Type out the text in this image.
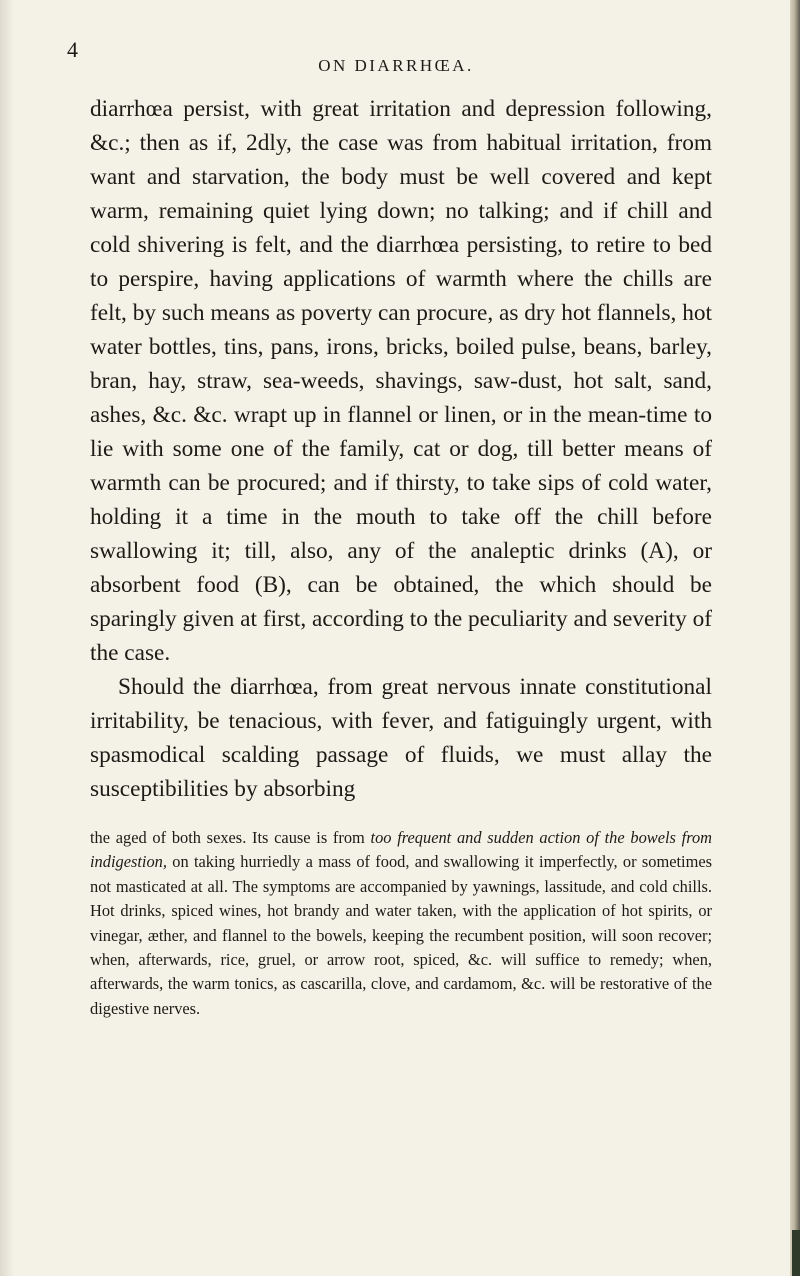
4
ON DIARRHŒA.

diarrhœa persist, with great irritation and depression following, &c.; then as if, 2dly, the case was from habitual irritation, from want and starvation, the body must be well covered and kept warm, remaining quiet lying down; no talking; and if chill and cold shivering is felt, and the diarrhœa persisting, to retire to bed to perspire, having applications of warmth where the chills are felt, by such means as poverty can procure, as dry hot flannels, hot water bottles, tins, pans, irons, bricks, boiled pulse, beans, barley, bran, hay, straw, sea-weeds, shavings, saw-dust, hot salt, sand, ashes, &c. &c. wrapt up in flannel or linen, or in the mean-time to lie with some one of the family, cat or dog, till better means of warmth can be procured; and if thirsty, to take sips of cold water, holding it a time in the mouth to take off the chill before swallowing it; till, also, any of the analeptic drinks (A), or absorbent food (B), can be obtained, the which should be sparingly given at first, according to the peculiarity and severity of the case.

Should the diarrhœa, from great nervous innate constitutional irritability, be tenacious, with fever, and fatiguingly urgent, with spasmodical scalding passage of fluids, we must allay the susceptibilities by absorbing

the aged of both sexes. Its cause is from too frequent and sudden action of the bowels from indigestion, on taking hurriedly a mass of food, and swallowing it imperfectly, or sometimes not masticated at all. The symptoms are accompanied by yawnings, lassitude, and cold chills. Hot drinks, spiced wines, hot brandy and water taken, with the application of hot spirits, or vinegar, æther, and flannel to the bowels, keeping the recumbent position, will soon recover; when, afterwards, rice, gruel, or arrow root, spiced, &c. will suffice to remedy; when, afterwards, the warm tonics, as cascarilla, clove, and cardamom, &c. will be restorative of the digestive nerves.
